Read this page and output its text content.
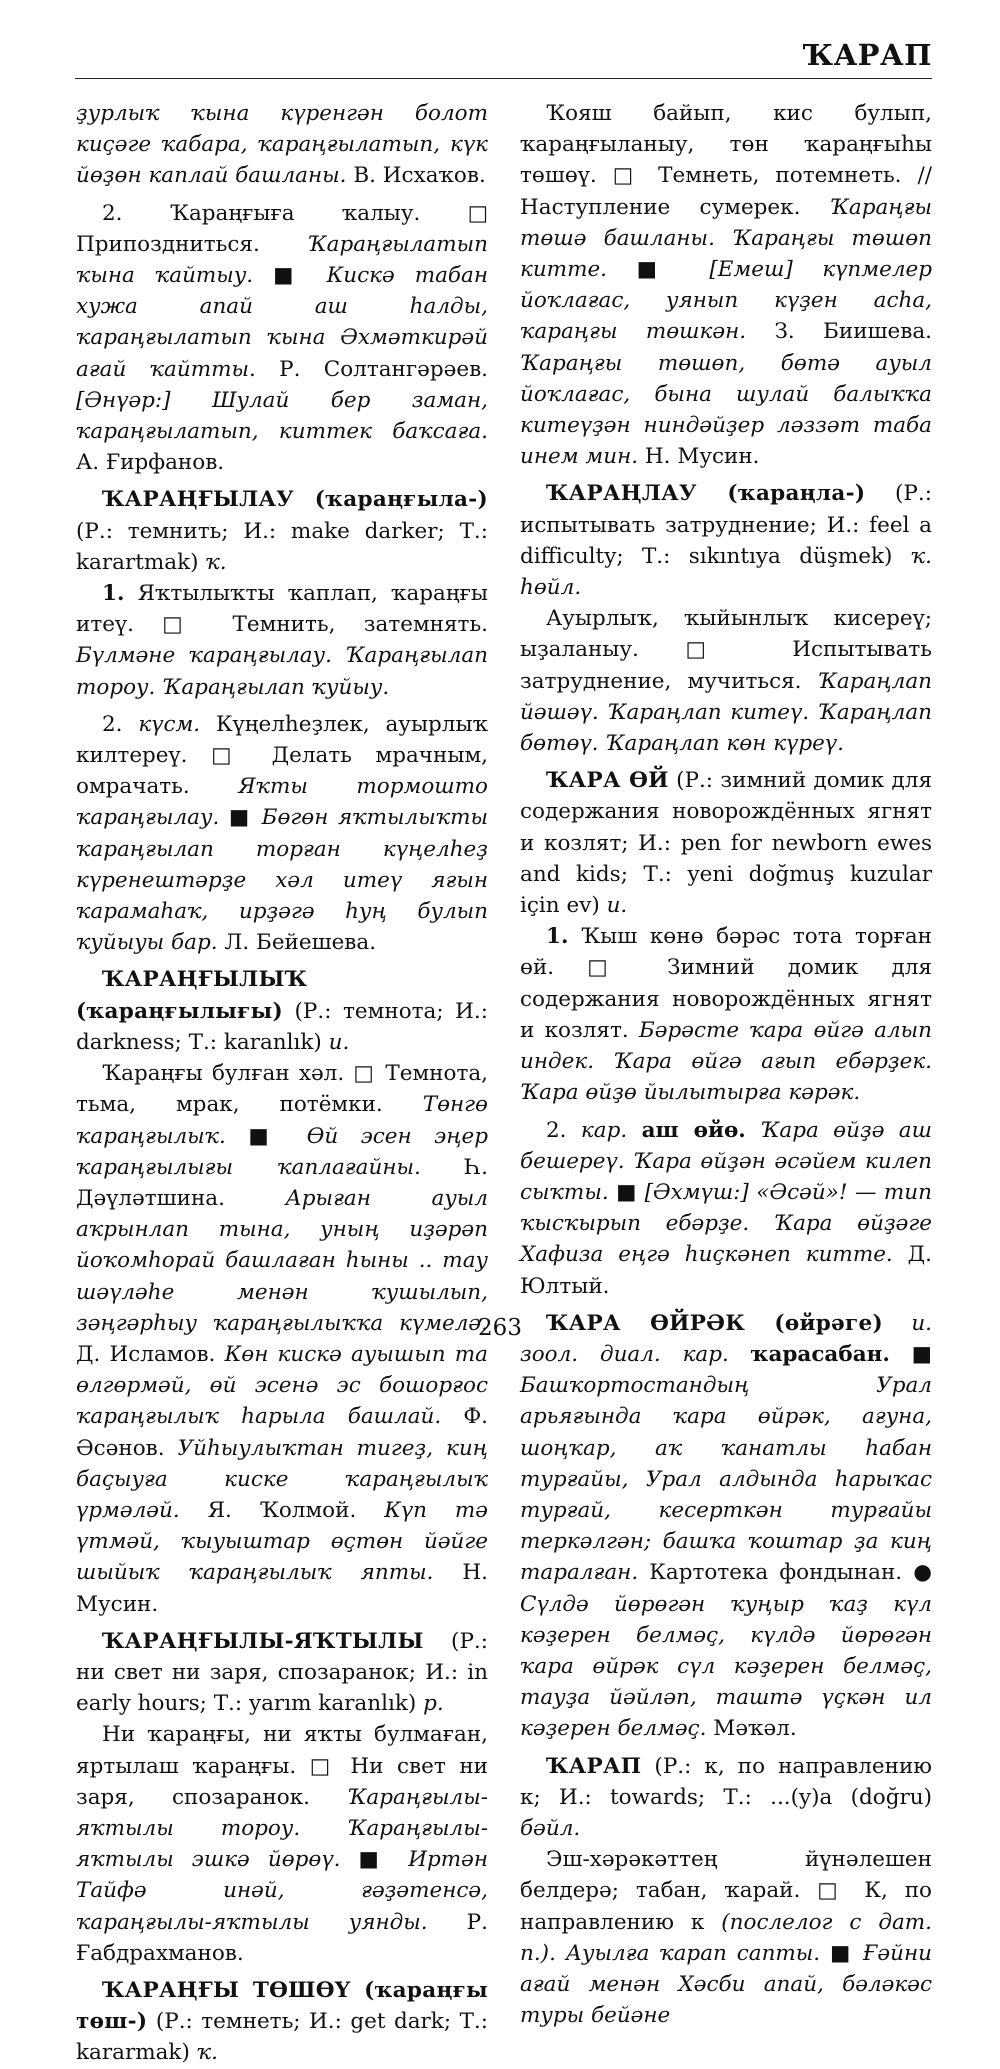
ҠАРАП

ҙурлыҡ ҡына күренгән болот киҫәге ҡабара, ҡараңғылатып, күк йөҙөн каплай башланы. В. Исхаҡов.

2. Ҡараңғыға ҡалыу. □ Припоздниться. Ҡараңғылатып ҡына ҡайтыу. ■ Кискә табан хужа апай аш һалды, ҡараңғылатып ҡына Әхмәткирәй ағай ҡайтты. Р. Солтангәрәев. [Әнүәр:] Шулай бер заман, ҡараңғылатып, киттек баҡсаға. А. Ғирфанов.

ҠАРАҢҒЫЛАУ (ҡараңғыла-) (Р.: темнить; И.: make darker; Т.: karartmak) ҡ.

1. Яҡтылыҡты ҡаплап, ҡараңғы итеү. □ Темнить, затемнять. Бүлмәне ҡараңғылау. Ҡараңғылап тороу. Ҡараңғылап ҡуйыу.

2. күсм. Күңелһеҙлек, ауырлыҡ килтереү. □ Делать мрачным, омрачать. Яҡты тормошто ҡараңғылау. ■ Бөгөн яҡтылыҡты ҡараңғылап торған күңелһеҙ күренештәрҙе хәл итеү яғын ҡарамаһаҡ, ирҙәгә һуң булып ҡуйыуы бар. Л. Бейешева.

ҠАРАҢҒЫЛЫҠ (ҡараңғылығы) (Р.: темнота; И.: darkness; Т.: karanlık) и.

Ҡараңғы булған хәл. □ Темнота, тьма, мрак, потёмки. Төнгө ҡараңғылыҡ. ■ Өй эсен эңер ҡараңғылығы ҡаплағайны. Һ. Дәүләтшина. Арыған ауыл аҡрынлап тына, уның иҙәрәп йоҡомһорай башлаған һыны .. тау шәүләһе менән ҡушылып, зәңгәрһыу ҡараңғылыҡҡа күмелә. Д. Исламов. Көн кискә ауышып та өлгөрмәй, өй эсенә эс бошорғос ҡараңғылыҡ һарыла башлай. Ф. Әсәнов. Уйһыулыҡтан тигеҙ, киң баҫыуға киске ҡараңғылыҡ үрмәләй. Я. Ҡолмой. Күп тә үтмәй, ҡыуыштар өҫтөн йәйге шыйыҡ ҡараңғылыҡ япты. Н. Мусин.

ҠАРАҢҒЫЛЫ-ЯҠТЫЛЫ (Р.: ни свет ни заря, спозаранок; И.: in early hours; Т.: yarım karanlık) р.

Ни ҡараңғы, ни яҡты булмаған, яртылаш ҡараңғы. □ Ни свет ни заря, спозаранок. Ҡараңғылы-яҡтылы тороу. Ҡараңғылы-яҡтылы эшкә йөрөү. ■ Иртән Тайфә инәй, ғәҙәтенсә, ҡараңғылы-яҡтылы уянды. Р. Ғабдрахманов.

ҠАРАҢҒЫ ТӨШӨҮ (ҡараңғы төш-) (Р.: темнеть; И.: get dark; Т.: kararmak) ҡ.

Ҡояш байып, кис булып, ҡараңғыланыу, төн ҡараңғыһы төшөү. □ Темнеть, потемнеть. // Наступление сумерек. Ҡараңғы төшә башланы. Ҡараңғы төшөп китте. ■ [Емеш] күпмелер йоҡлағас, уянып күҙен асһа, ҡараңғы төшкән. З. Биишева. Ҡараңғы төшөп, бөтә ауыл йоҡлағас, бына шулай балыҡҡа китеүҙән ниндәйҙер ләззәт таба инем мин. Н. Мусин.

ҠАРАҢЛАУ (ҡараңла-) (Р.: испытывать затруднение; И.: feel a difficulty; Т.: sıkıntıya düşmek) ҡ. һөйл.

Ауырлыҡ, ҡыйынлыҡ кисереү; ыҙаланыу. □ Испытывать затруднение, мучиться. Ҡараңлап йәшәү. Ҡараңлап китеү. Ҡараңлап бөтөү. Ҡараңлап көн күреү.

ҠАРА ӨЙ (Р.: зимний домик для содержания новорождённых ягнят и козлят; И.: pen for newborn ewes and kids; Т.: yeni doğmuş kuzular için ev) и.

1. Ҡыш көнө бәрәс тота торған өй. □ Зимний домик для содержания новорождённых ягнят и козлят. Бәрәсте ҡара өйгә алып индек. Ҡара өйгә ағып ебәрҙек. Ҡара өйҙө йылытырға кәрәк.

2. кар. аш өйө. Ҡара өйҙә аш бешереү. Ҡара өйҙән әсәйем килеп сыҡты. ■ [Әхмүш:] «Әсәй»! — тип ҡысҡырып ебәрҙе. Ҡара өйҙәге Хафиза еңгә һиҫкәнеп китте. Д. Юлтый.

ҠАРА ӨЙРӘК (өйрәге) и. зоол. диал. кар. ҡарасабан. ■ Башҡортостандың Урал арьяғында ҡара өйрәк, ағуна, шоңҡар, аҡ ҡанатлы һабан турғайы, Урал алдында һарыҡас турғай, кесерткән турғайы теркәлгән; башҡа ҡоштар ҙа киң таралған. Картотека фондынан. ● Сүлдә йөрөгән ҡуңыр ҡаҙ күл кәҙерен белмәҫ, күлдә йөрөгән ҡара өйрәк сүл кәҙерен белмәҫ, тауҙа йәйләп, таштә үҫкән ил кәҙерен белмәҫ. Мәҡәл.

ҠАРАП (Р.: к, по направлению к; И.: towards; Т.: ...(y)a (doğru) бәйл.

Эш-хәрәкәттең йүнәлешен белдерә; табан, ҡарай. □ К, по направлению к (послелог с дат. п.). Ауылға ҡарап сапты. ■ Ғәйни ағай менән Хәсби апай, бәләкәс туры бейәне

263
